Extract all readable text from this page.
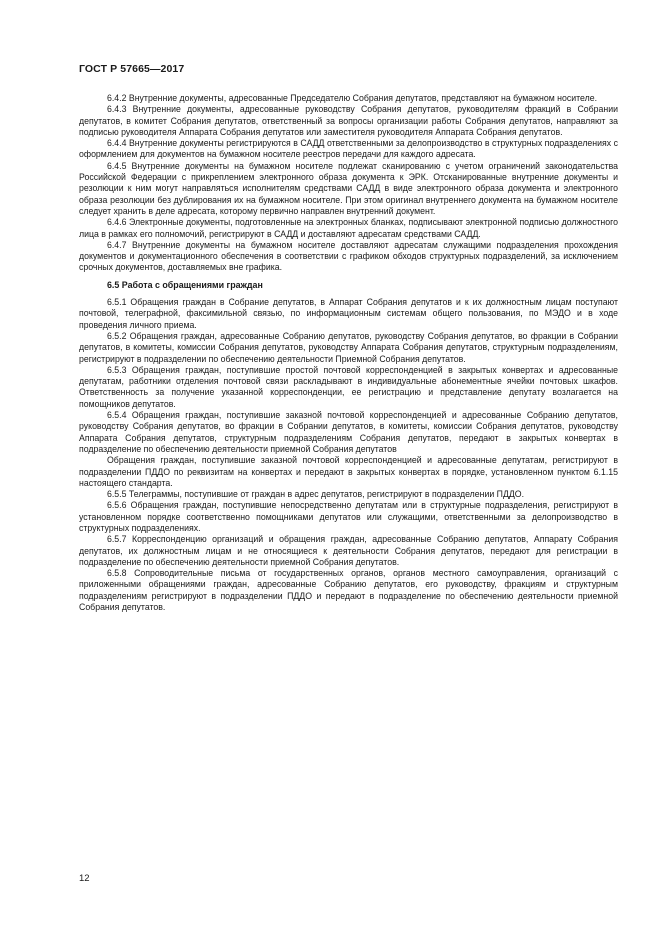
ГОСТ Р 57665—2017

6.4.2 Внутренние документы, адресованные Председателю Собрания депутатов, представляют на бумажном носителе.

6.4.3 Внутренние документы, адресованные руководству Собрания депутатов, руководителям фракций в Собрании депутатов, в комитет Собрания депутатов, ответственный за вопросы организации работы Собрания депутатов, направляют за подписью руководителя Аппарата Собрания депутатов или заместителя руководителя Аппарата Собрания депутатов.

6.4.4 Внутренние документы регистрируются в САДД ответственными за делопроизводство в структурных подразделениях с оформлением для документов на бумажном носителе реестров передачи для каждого адресата.

6.4.5 Внутренние документы на бумажном носителе подлежат сканированию с учетом ограничений законодательства Российской Федерации с прикреплением электронного образа документа к ЭРК. Отсканированные внутренние документы и резолюции к ним могут направляться исполнителям средствами САДД в виде электронного образа документа и электронного образа резолюции без дублирования их на бумажном носителе. При этом оригинал внутреннего документа на бумажном носителе следует хранить в деле адресата, которому первично направлен внутренний документ.

6.4.6 Электронные документы, подготовленные на электронных бланках, подписывают электронной подписью должностного лица в рамках его полномочий, регистрируют в САДД и доставляют адресатам средствами САДД.

6.4.7 Внутренние документы на бумажном носителе доставляют адресатам служащими подразделения прохождения документов и документационного обеспечения в соответствии с графиком обходов структурных подразделений, за исключением срочных документов, доставляемых вне графика.

6.5 Работа с обращениями граждан

6.5.1 Обращения граждан в Собрание депутатов, в Аппарат Собрания депутатов и к их должностным лицам поступают почтовой, телеграфной, факсимильной связью, по информационным системам общего пользования, по МЭДО и в ходе проведения личного приема.

6.5.2 Обращения граждан, адресованные Собранию депутатов, руководству Собрания депутатов, во фракции в Собрании депутатов, в комитеты, комиссии Собрания депутатов, руководству Аппарата Собрания депутатов, структурным подразделениям, регистрируют в подразделении по обеспечению деятельности Приемной Собрания депутатов.

6.5.3 Обращения граждан, поступившие простой почтовой корреспонденцией в закрытых конвертах и адресованные депутатам, работники отделения почтовой связи раскладывают в индивидуальные абонементные ячейки почтовых шкафов. Ответственность за получение указанной корреспонденции, ее регистрацию и представление депутату возлагается на помощников депутатов.

6.5.4 Обращения граждан, поступившие заказной почтовой корреспонденцией и адресованные Собранию депутатов, руководству Собрания депутатов, во фракции в Собрании депутатов, в комитеты, комиссии Собрания депутатов, руководству Аппарата Собрания депутатов, структурным подразделениям Собрания депутатов, передают в закрытых конвертах в подразделение по обеспечению деятельности приемной Собрания депутатов

Обращения граждан, поступившие заказной почтовой корреспонденцией и адресованные депутатам, регистрируют в подразделении ПДДО по реквизитам на конвертах и передают в закрытых конвертах в порядке, установленном пунктом 6.1.15 настоящего стандарта.

6.5.5 Телеграммы, поступившие от граждан в адрес депутатов, регистрируют в подразделении ПДДО.

6.5.6 Обращения граждан, поступившие непосредственно депутатам или в структурные подразделения, регистрируют в установленном порядке соответственно помощниками депутатов или служащими, ответственными за делопроизводство в структурных подразделениях.

6.5.7 Корреспонденцию организаций и обращения граждан, адресованные Собранию депутатов, Аппарату Собрания депутатов, их должностным лицам и не относящиеся к деятельности Собрания депутатов, передают для регистрации в подразделение по обеспечению деятельности приемной Собрания депутатов.

6.5.8 Сопроводительные письма от государственных органов, органов местного самоуправления, организаций с приложенными обращениями граждан, адресованные Собранию депутатов, его руководству, фракциям и структурным подразделениям регистрируют в подразделении ПДДО и передают в подразделение по обеспечению деятельности приемной Собрания депутатов.

12
